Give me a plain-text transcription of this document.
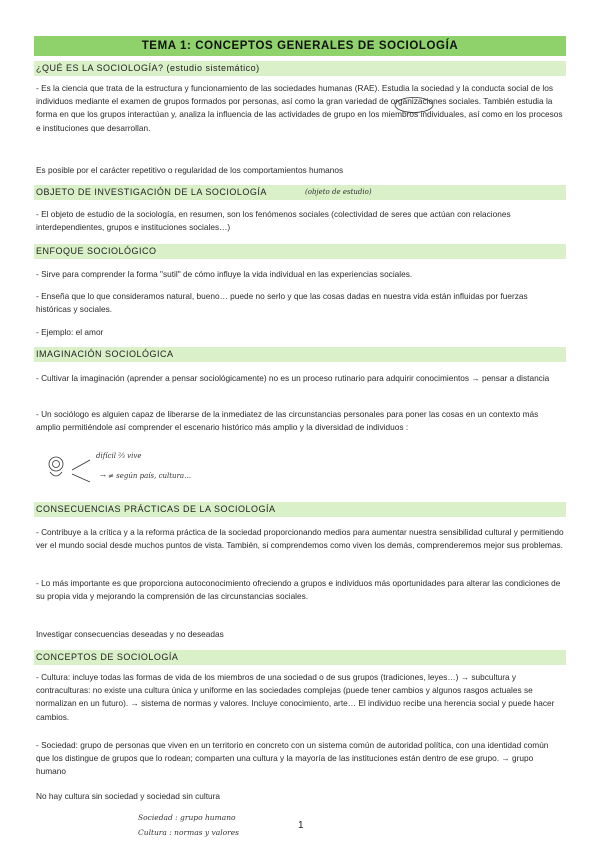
TEMA 1: CONCEPTOS GENERALES DE SOCIOLOGÍA
¿QUÉ ES LA SOCIOLOGÍA? (estudio sistemático)
- Es la ciencia que trata de la estructura y funcionamiento de las sociedades humanas (RAE). Estudia la sociedad y la conducta social de los individuos mediante el examen de grupos formados por personas, así como la gran variedad de organizaciones sociales. También estudia la forma en que los grupos interactúan y, analiza la influencia de las actividades de grupo en los miembros individuales, así como en los procesos e instituciones que desarrollan.
Es posible por el carácter repetitivo o regularidad de los comportamientos humanos
OBJETO DE INVESTIGACIÓN DE LA SOCIOLOGÍA	(objeto de estudio)
- El objeto de estudio de la sociología, en resumen, son los fenómenos sociales (colectividad de seres que actúan con relaciones interdependientes, grupos e instituciones sociales…)
ENFOQUE SOCIOLÓGICO
- Sirve para comprender la forma "sutil" de cómo influye la vida individual en las experiencias sociales.
- Enseña que lo que consideramos natural, bueno… puede no serlo y que las cosas dadas en nuestra vida están influidas por fuerzas históricas y sociales.
- Ejemplo: el amor
IMAGINACIÓN SOCIOLÓGICA
- Cultivar la imaginación (aprender a pensar sociológicamente) no es un proceso rutinario para adquirir conocimientos → pensar a distancia
- Un sociólogo es alguien capaz de liberarse de la inmediatez de las circunstancias personales para poner las cosas en un contexto más amplio permitiéndole así comprender el escenario histórico más amplio y la diversidad de individuos :
difícil ⅔ vive
→ ≠ según país, cultura…
CONSECUENCIAS PRÁCTICAS DE LA SOCIOLOGÍA
- Contribuye a la crítica y a la reforma práctica de la sociedad proporcionando medios para aumentar nuestra sensibilidad cultural y permitiendo ver el mundo social desde muchos puntos de vista. También, si comprendemos como viven los demás, comprenderemos mejor sus problemas.
- Lo más importante es que proporciona autoconocimiento ofreciendo a grupos e individuos más oportunidades para alterar las condiciones de su propia vida y mejorando la comprensión de las circunstancias sociales.
Investigar consecuencias deseadas y no deseadas
CONCEPTOS DE SOCIOLOGÍA
- Cultura: incluye todas las formas de vida de los miembros de una sociedad o de sus grupos (tradiciones, leyes…) → subcultura y contraculturas: no existe una cultura única y uniforme en las sociedades complejas (puede tener cambios y algunos rasgos actuales se normalizan en un futuro). → sistema de normas y valores. Incluye conocimiento, arte… El individuo recibe una herencia social y puede hacer cambios.
- Sociedad: grupo de personas que viven en un territorio en concreto con un sistema común de autoridad política, con una identidad común que los distingue de grupos que lo rodean; comparten una cultura y la mayoría de las instituciones están dentro de ese grupo. → grupo humano
No hay cultura sin sociedad y sociedad sin cultura
Sociedad : grupo humano
Cultura : normas y valores
1
